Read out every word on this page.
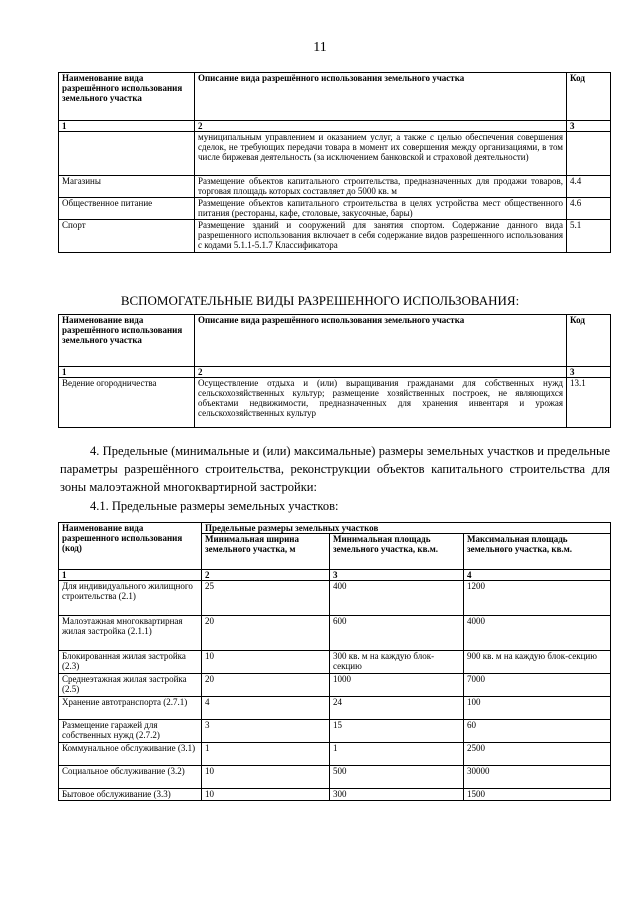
11
Наименование вида разрешённого использования земельного участка	Описание вида разрешённого использования земельного участка	Код
1	2	3
	муниципальным управлением и оказанием услуг, а также с целью обеспечения совершения сделок, не требующих передачи товара в момент их совершения между организациями, в том числе биржевая деятельность (за исключением банковской и страховой деятельности)	
Магазины	Размещение объектов капитального строительства, предназначенных для продажи товаров, торговая площадь которых составляет до 5000 кв. м	4.4
Общественное питание	Размещение объектов капитального строительства в целях устройства мест общественного питания (рестораны, кафе, столовые, закусочные, бары)	4.6
Спорт	Размещение зданий и сооружений для занятия спортом. Содержание данного вида разрешенного использования включает в себя содержание видов разрешенного использования с кодами 5.1.1-5.1.7 Классификатора	5.1
ВСПОМОГАТЕЛЬНЫЕ ВИДЫ РАЗРЕШЕННОГО ИСПОЛЬЗОВАНИЯ:
Наименование вида разрешённого использования земельного участка	Описание вида разрешённого использования земельного участка	Код
1	2	3
Ведение огородничества	Осуществление отдыха и (или) выращивания гражданами для собственных нужд сельскохозяйственных культур; размещение хозяйственных построек, не являющихся объектами недвижимости, предназначенных для хранения инвентаря и урожая сельскохозяйственных культур	13.1
4. Предельные (минимальные и (или) максимальные) размеры земельных участков и предельные параметры разрешённого строительства, реконструкции объектов капитального строительства для зоны малоэтажной многоквартирной застройки:
4.1. Предельные размеры земельных участков:
Наименование вида разрешенного использования (код)	Предельные размеры земельных участков		
	Минимальная ширина земельного участка, м	Минимальная площадь земельного участка, кв.м.	Максимальная площадь земельного участка, кв.м.
1	2	3	4
Для индивидуального жилищного строительства (2.1)	25	400	1200
Малоэтажная многоквартирная жилая застройка (2.1.1)	20	600	4000
Блокированная жилая застройка (2.3)	10	300 кв. м на каждую блок-секцию	900 кв. м на каждую блок-секцию
Среднеэтажная жилая застройка (2.5)	20	1000	7000
Хранение автотранспорта (2.7.1)	4	24	100
Размещение гаражей для собственных нужд (2.7.2)	3	15	60
Коммунальное обслуживание (3.1)	1	1	2500
Социальное обслуживание (3.2)	10	500	30000
Бытовое обслуживание (3.3)	10	300	1500
